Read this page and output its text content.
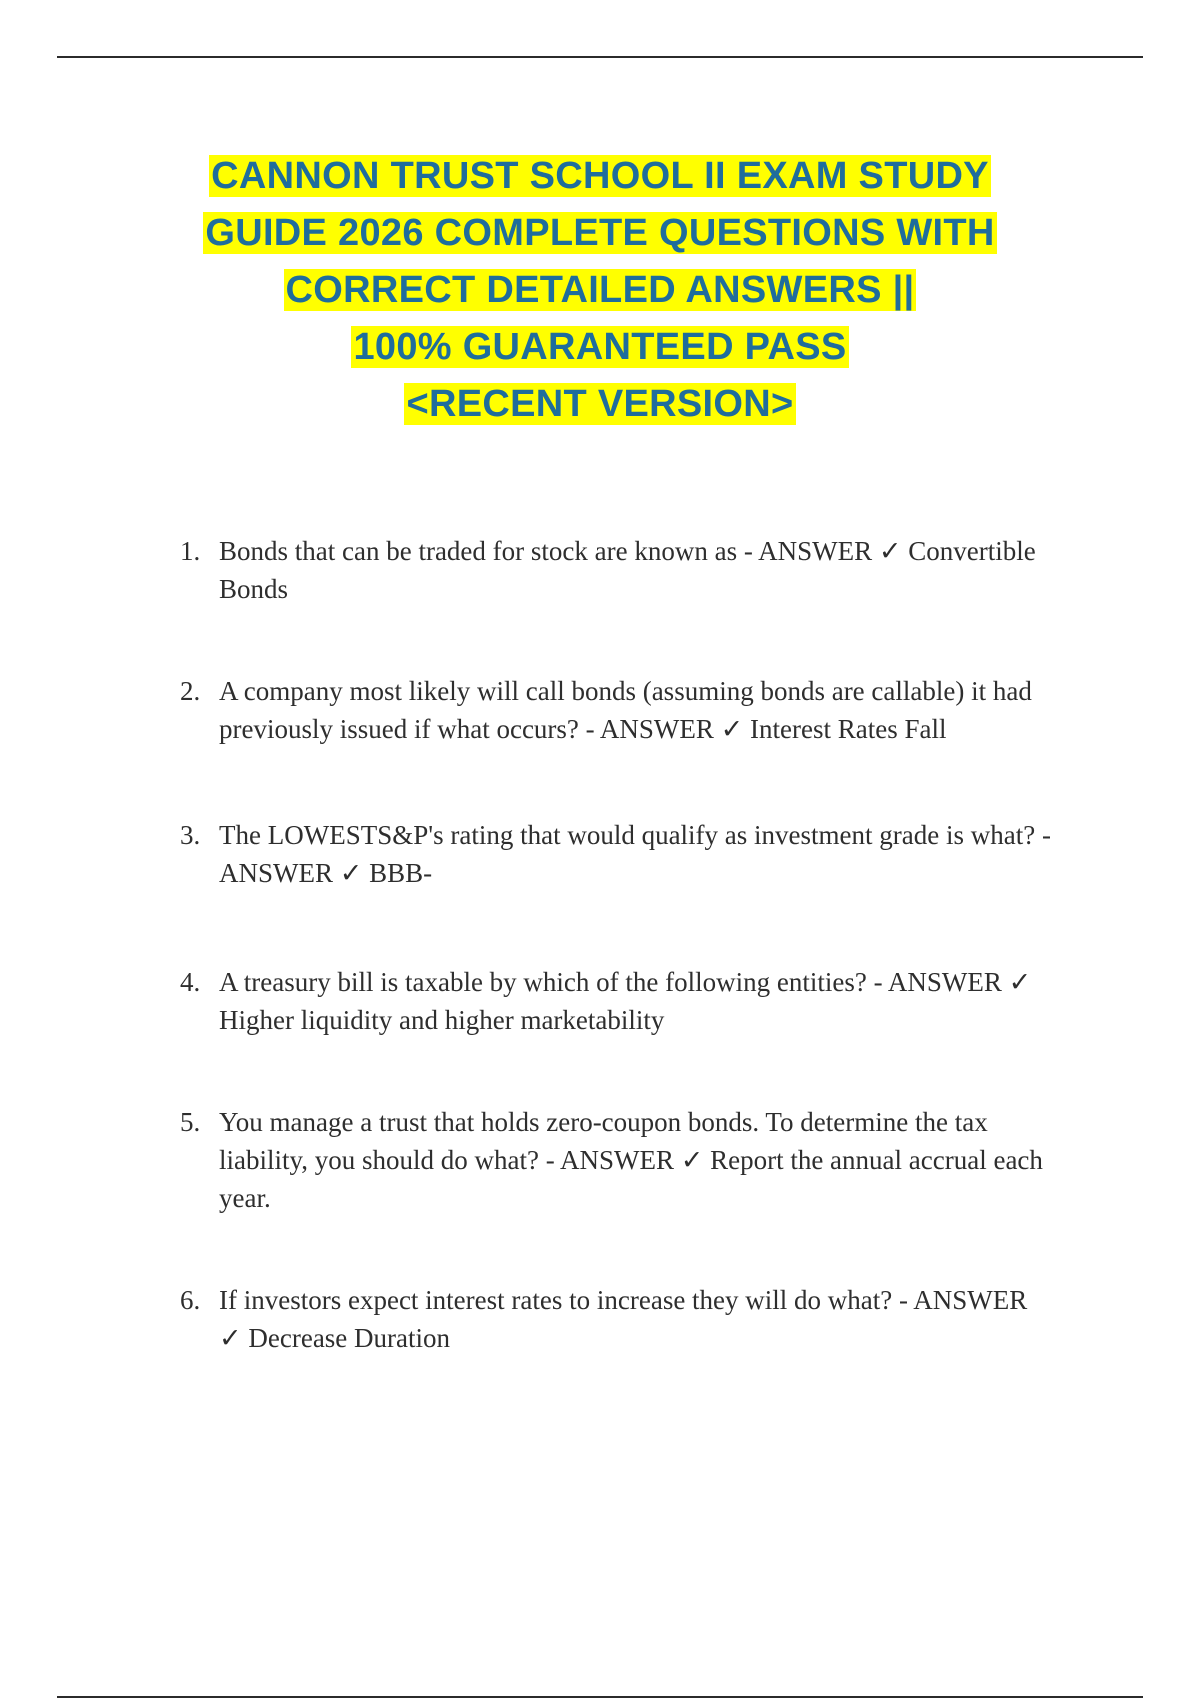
CANNON TRUST SCHOOL II EXAM STUDY
GUIDE 2026 COMPLETE QUESTIONS WITH
CORRECT DETAILED ANSWERS ||
100% GUARANTEED PASS
<RECENT VERSION>
1. Bonds that can be traded for stock are known as - ANSWER ✓ Convertible
Bonds
2. A company most likely will call bonds (assuming bonds are callable) it had
previously issued if what occurs? - ANSWER ✓ Interest Rates Fall
3. The LOWESTS&P's rating that would qualify as investment grade is what? -
ANSWER ✓ BBB-
4. A treasury bill is taxable by which of the following entities? - ANSWER ✓
Higher liquidity and higher marketability
5. You manage a trust that holds zero-coupon bonds. To determine the tax
liability, you should do what? - ANSWER ✓ Report the annual accrual each
year.
6. If investors expect interest rates to increase they will do what? - ANSWER
✓ Decrease Duration
